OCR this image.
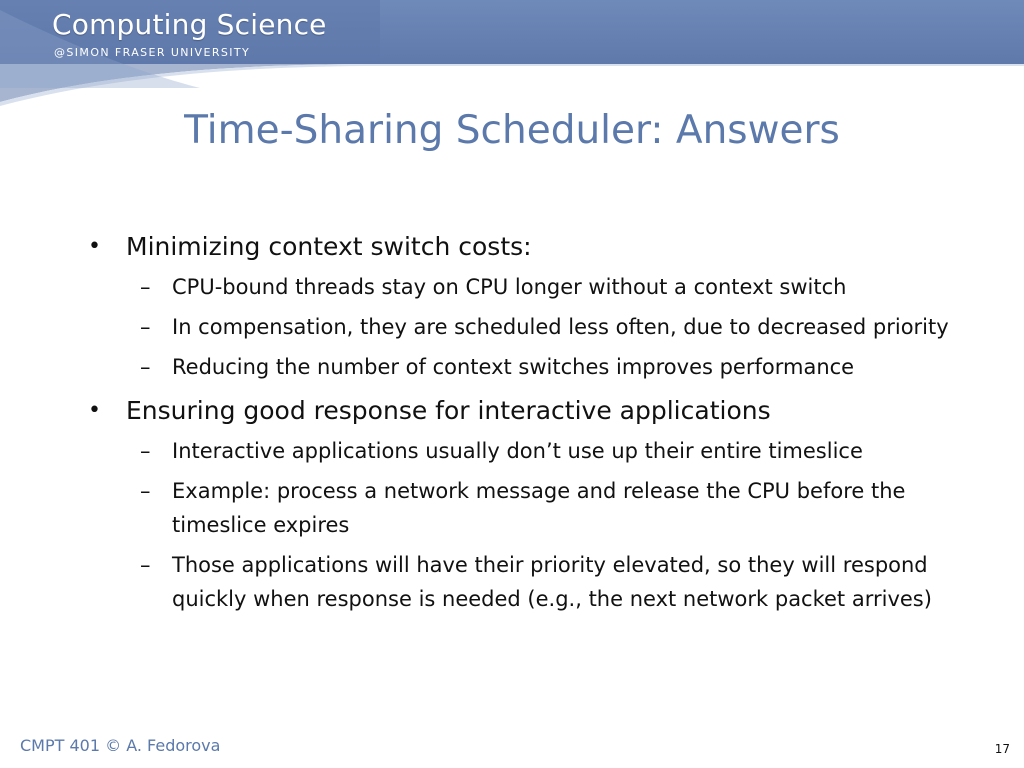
Computing Science
@SIMON FRASER UNIVERSITY
Time-Sharing Scheduler: Answers
•	Minimizing context switch costs:
–	CPU-bound threads stay on CPU longer without a context switch
–	In compensation, they are scheduled less often, due to decreased priority
–	Reducing the number of context switches improves performance
•	Ensuring good response for interactive applications
–	Interactive applications usually don’t use up their entire timeslice
–	Example: process a network message and release the CPU before the timeslice expires
–	Those applications will have their priority elevated, so they will respond quickly when response is needed (e.g., the next network packet arrives)
CMPT 401 © A. Fedorova	17
